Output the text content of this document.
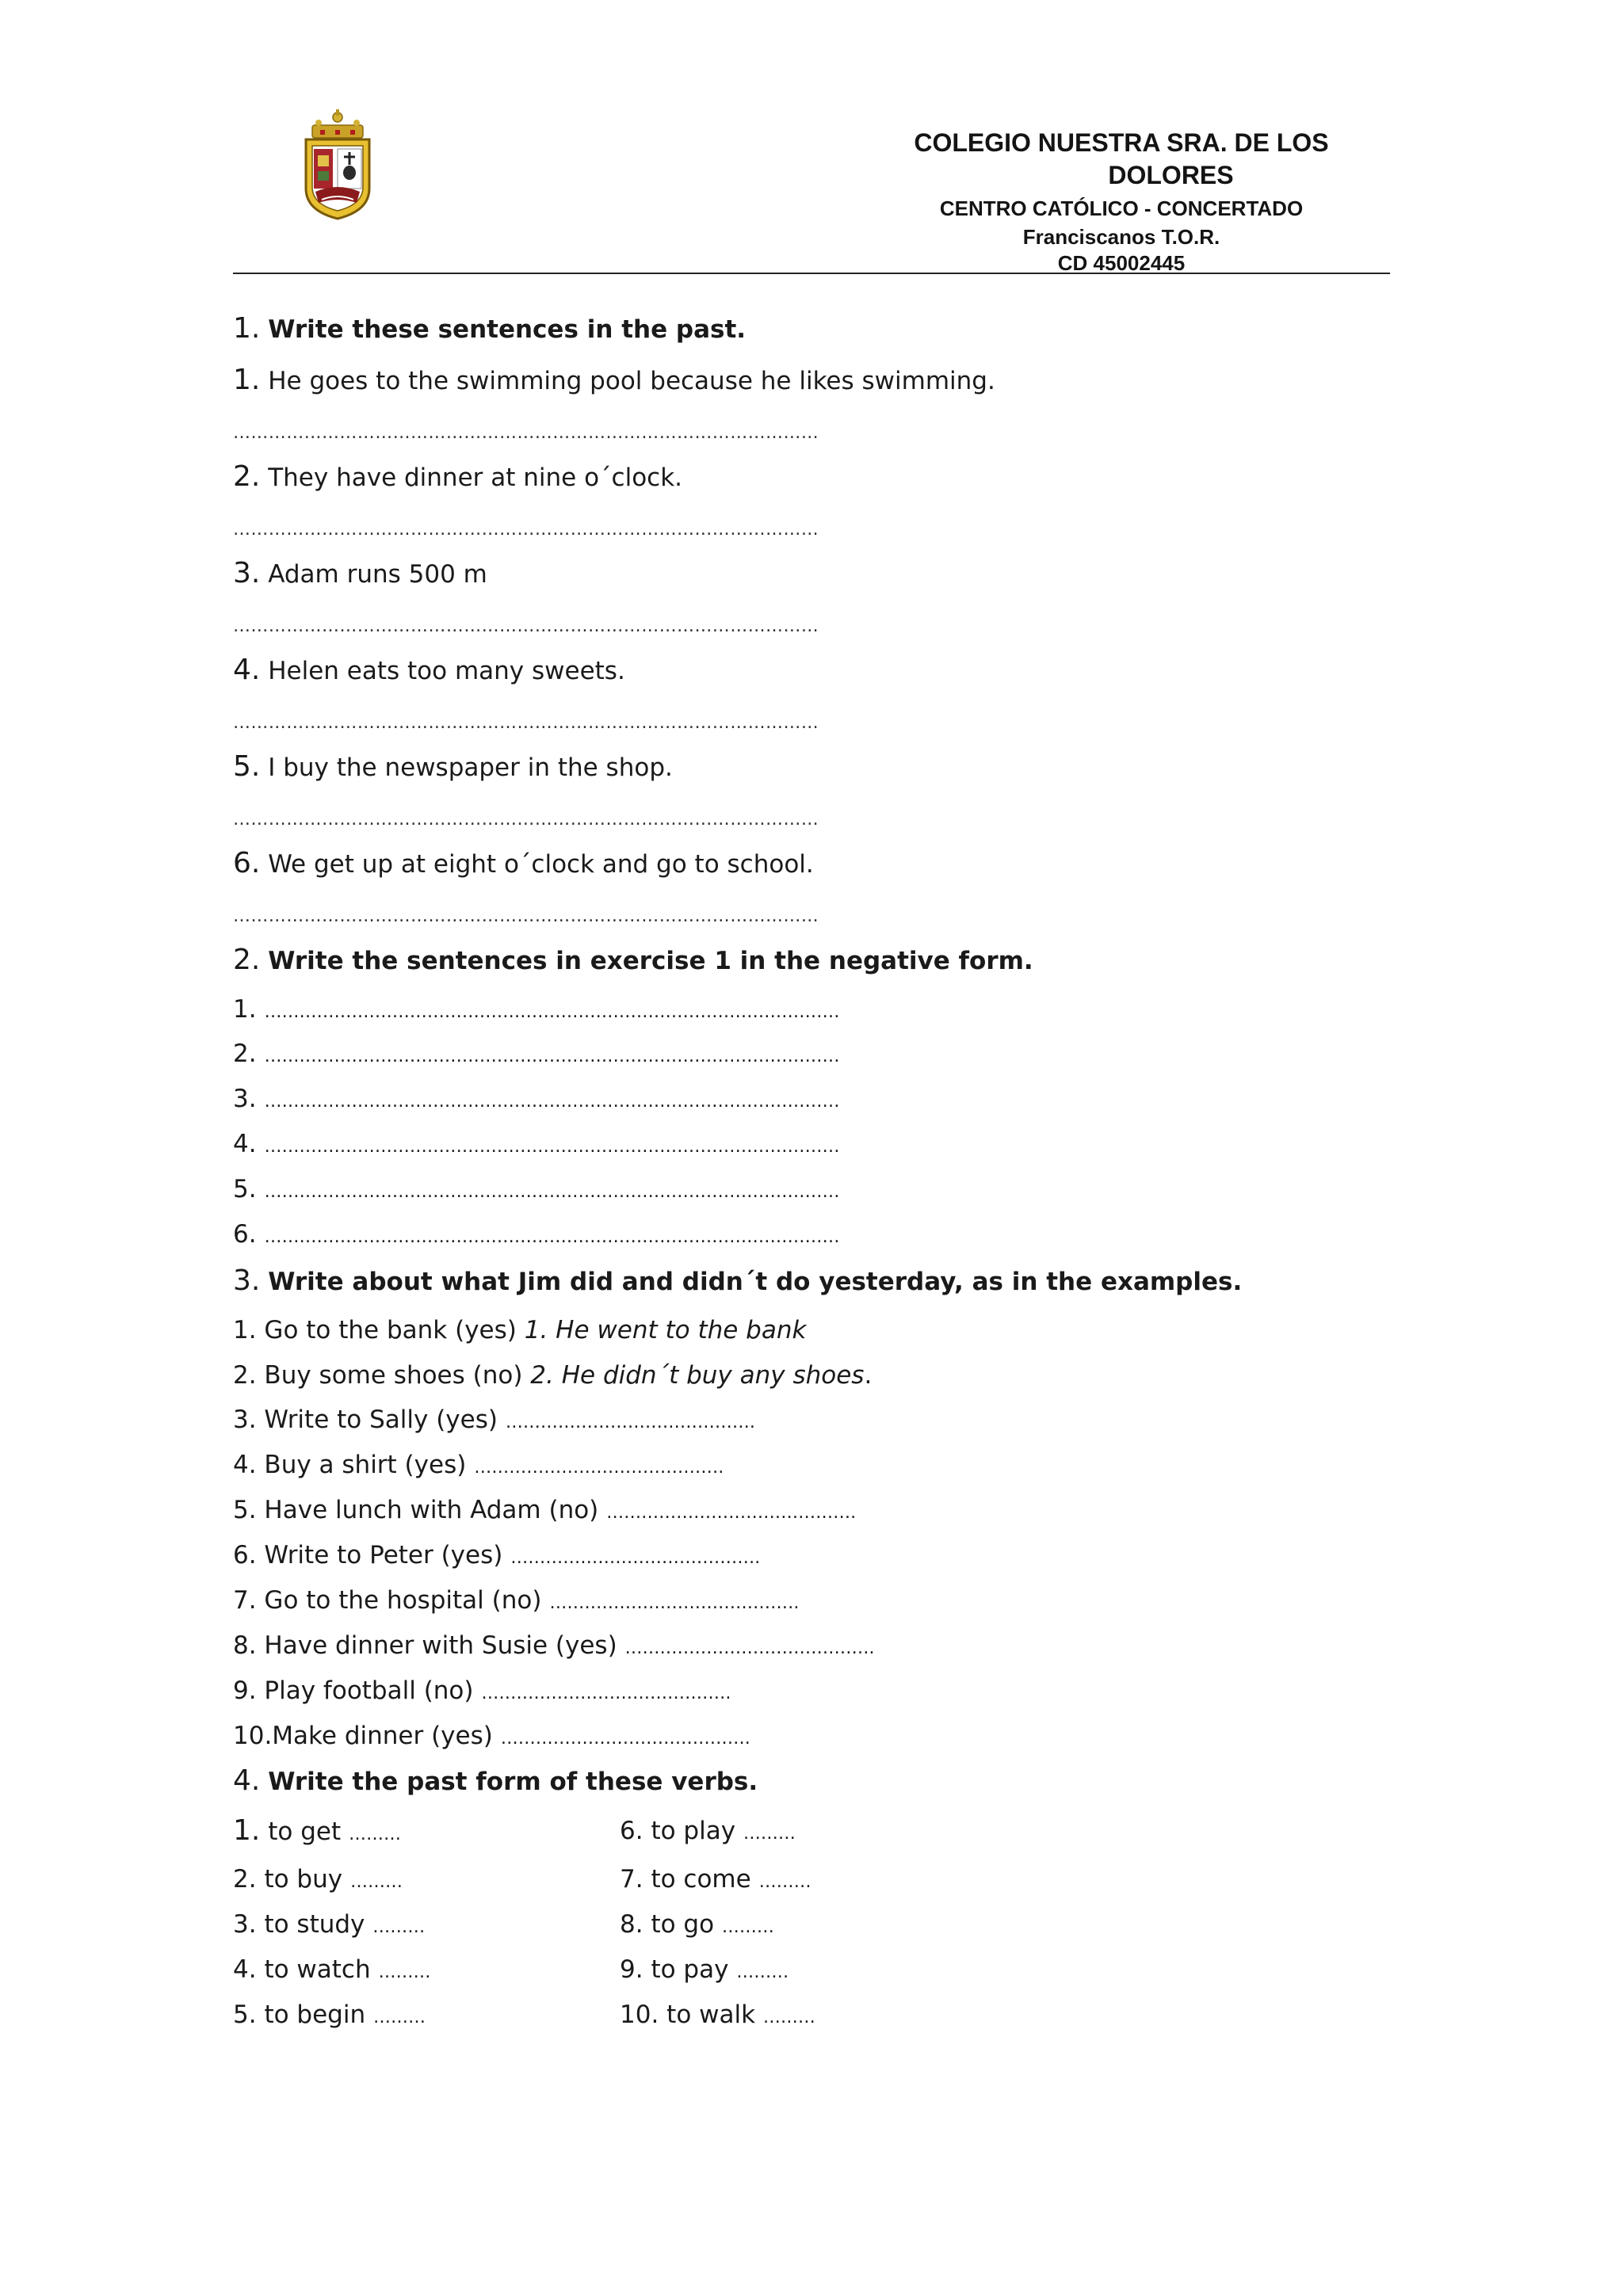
COLEGIO NUESTRA SRA. DE LOS
DOLORES
CENTRO CATÓLICO - CONCERTADO
Franciscanos T.O.R.
CD 45002445
1. Write these sentences in the past.
1. He goes to the swimming pool because he likes swimming.
………………………………………………………………………………………
2. They have dinner at nine o´clock.
………………………………………………………………………………………
3. Adam runs 500 m
………………………………………………………………………………………
4. Helen eats too many sweets.
………………………………………………………………………………………
5. I buy the newspaper in the shop.
………………………………………………………………………………………
6. We get up at eight o´clock and go to school.
………………………………………………………………………………………
2. Write the sentences in exercise 1 in the negative form.
1. ………………………………………………………………………………………
2. ………………………………………………………………………………………
3. ………………………………………………………………………………………
4. ………………………………………………………………………………………
5. ………………………………………………………………………………………
6. ………………………………………………………………………………………
3. Write about what Jim did and didn´t do yesterday, as in the examples.
1. Go to the bank (yes) 1. He went to the bank
2. Buy some shoes (no) 2. He didn´t buy any shoes.
3. Write to Sally (yes) …………………………………….
4. Buy a shirt (yes) …………………………………….
5. Have lunch with Adam (no) …………………………………….
6. Write to Peter (yes) …………………………………….
7. Go to the hospital (no) …………………………………….
8. Have dinner with Susie (yes) …………………………………….
9. Play football (no) …………………………………….
10.Make dinner (yes) …………………………………….
4. Write the past form of these verbs.
1. to get ………
2. to buy ………
3. to study ………
4. to watch ………
5. to begin ………
6. to play ………
7. to come ………
8. to go ………
9. to pay ………
10. to walk ………
